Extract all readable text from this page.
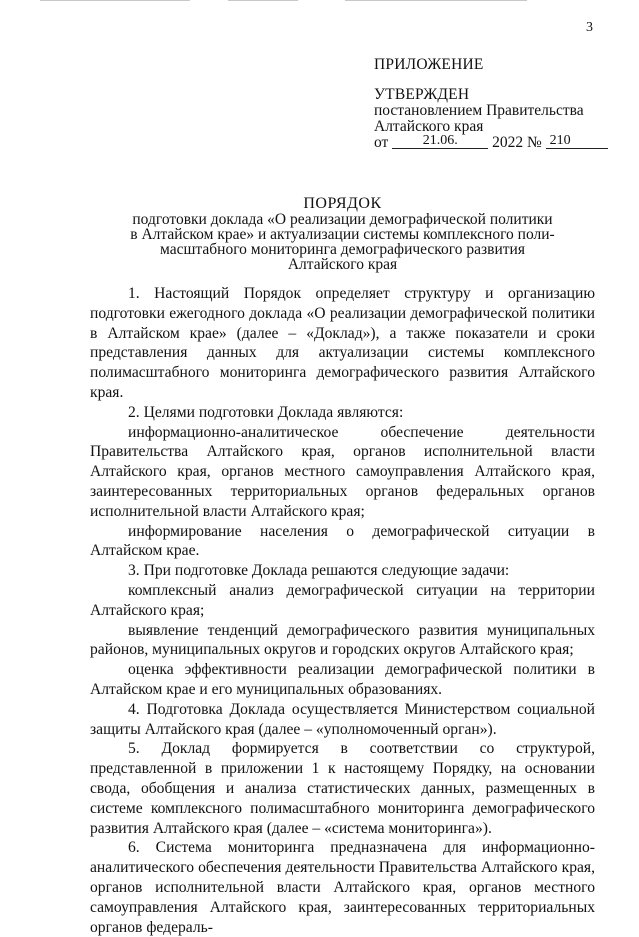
3
ПРИЛОЖЕНИЕ
УТВЕРЖДЕН
постановлением Правительства
Алтайского края
от 21.06. 2022 № 210
ПОРЯДОК
подготовки доклада «О реализации демографической политики
в Алтайском крае» и актуализации системы комплексного поли-
масштабного мониторинга демографического развития
Алтайского края

1. Настоящий Порядок определяет структуру и организацию подготовки ежегодного доклада «О реализации демографической политики в Алтайском крае» (далее – «Доклад»), а также показатели и сроки представления данных для актуализации системы комплексного полимасштабного мониторинга демографического развития Алтайского края.

2. Целями подготовки Доклада являются:

информационно-аналитическое обеспечение деятельности Правительства Алтайского края, органов исполнительной власти Алтайского края, органов местного самоуправления Алтайского края, заинтересованных территориальных органов федеральных органов исполнительной власти Алтайского края;

информирование населения о демографической ситуации в Алтайском крае.

3. При подготовке Доклада решаются следующие задачи:

комплексный анализ демографической ситуации на территории Алтайского края;

выявление тенденций демографического развития муниципальных районов, муниципальных округов и городских округов Алтайского края;

оценка эффективности реализации демографической политики в Алтайском крае и его муниципальных образованиях.

4. Подготовка Доклада осуществляется Министерством социальной защиты Алтайского края (далее – «уполномоченный орган»).

5. Доклад формируется в соответствии со структурой, представленной в приложении 1 к настоящему Порядку, на основании свода, обобщения и анализа статистических данных, размещенных в системе комплексного полимасштабного мониторинга демографического развития Алтайского края (далее – «система мониторинга»).

6. Система мониторинга предназначена для информационно-аналитического обеспечения деятельности Правительства Алтайского края, органов исполнительной власти Алтайского края, органов местного самоуправления Алтайского края, заинтересованных территориальных органов федераль-
